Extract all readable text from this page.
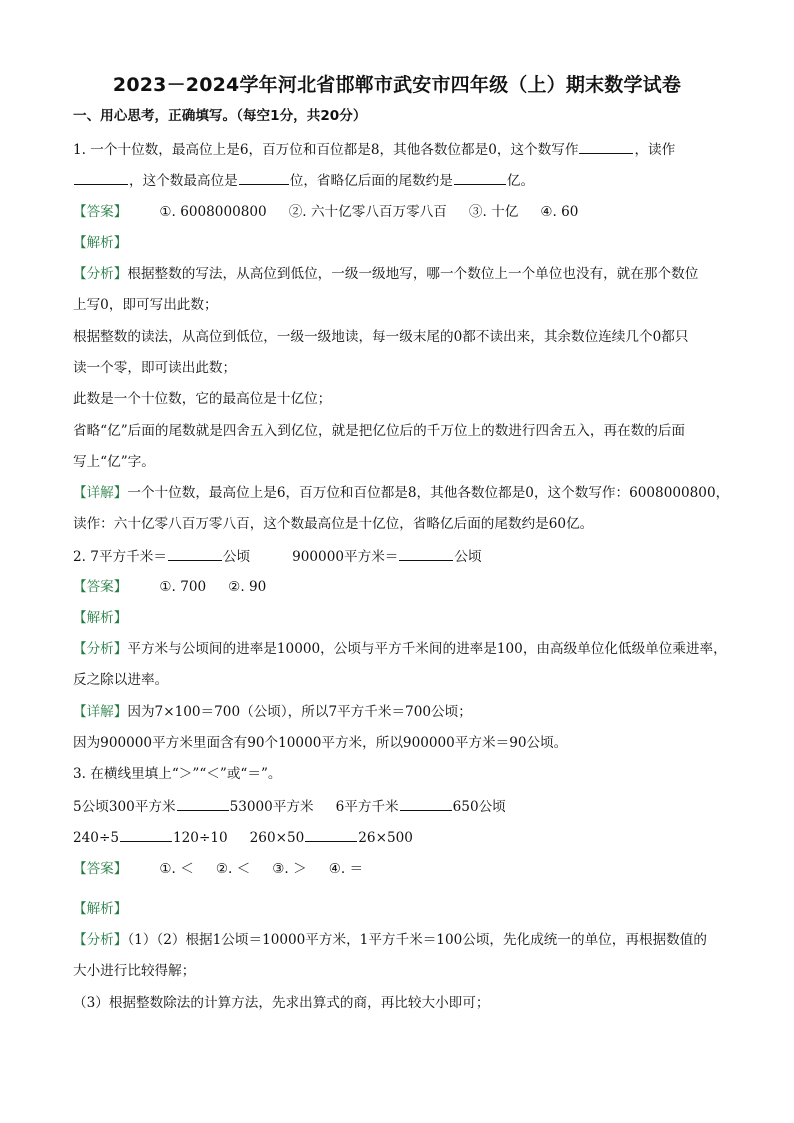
2023－2024学年河北省邯郸市武安市四年级（上）期末数学试卷
一、用心思考，正确填写。（每空1分，共20分）
1. 一个十位数，最高位上是6，百万位和百位都是8，其他各数位都是0，这个数写作	，读作
，这个数最高位是	位，省略亿后面的尾数约是	亿。
【答案】 ①. 6008000800 ②. 六十亿零八百万零八百 ③. 十亿 ④. 60
【解析】
【分析】根据整数的写法，从高位到低位，一级一级地写，哪一个数位上一个单位也没有，就在那个数位
上写0，即可写出此数；
根据整数的读法，从高位到低位，一级一级地读，每一级末尾的0都不读出来，其余数位连续几个0都只
读一个零，即可读出此数；
此数是一个十位数，它的最高位是十亿位；
省略“亿”后面的尾数就是四舍五入到亿位，就是把亿位后的千万位上的数进行四舍五入，再在数的后面
写上“亿”字。
【详解】一个十位数，最高位上是6，百万位和百位都是8，其他各数位都是0，这个数写作：6008000800，
读作：六十亿零八百万零八百，这个数最高位是十亿位，省略亿后面的尾数约是60亿。
2. 7平方千米＝	公顷	900000平方米＝	公顷
【答案】 ①. 700 ②. 90
【解析】
【分析】平方米与公顷间的进率是10000，公顷与平方千米间的进率是100，由高级单位化低级单位乘进率，
反之除以进率。
【详解】因为7×100＝700（公顷），所以7平方千米＝700公顷；
因为900000平方米里面含有90个10000平方米，所以900000平方米＝90公顷。
3. 在横线里填上“＞”“＜”或“＝”。
5公顷300平方米	53000平方米 6平方千米	650公顷
240÷5	120÷10 260×50	26×500
【答案】 ①. ＜ ②. ＜ ③. ＞ ④. ＝
【解析】
【分析】（1）（2）根据1公顷＝10000平方米，1平方千米＝100公顷，先化成统一的单位，再根据数值的
大小进行比较得解；
（3）根据整数除法的计算方法，先求出算式的商，再比较大小即可；
